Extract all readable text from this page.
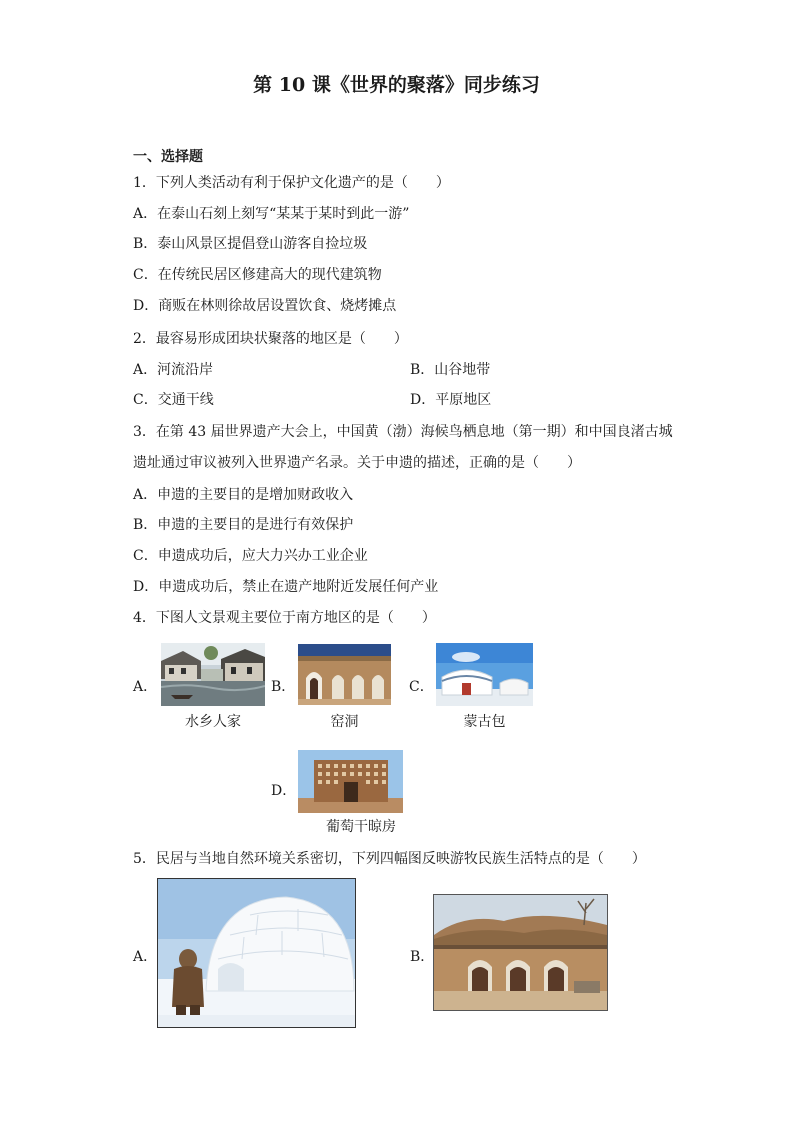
第 10 课《世界的聚落》同步练习
一、选择题
1．下列人类活动有利于保护文化遗产的是（　　）
A．在泰山石刻上刻写“某某于某时到此一游”
B．泰山风景区提倡登山游客自捡垃圾
C．在传统民居区修建高大的现代建筑物
D．商贩在林则徐故居设置饮食、烧烤摊点
2．最容易形成团块状聚落的地区是（　　）
A．河流沿岸	B．山谷地带
C．交通干线	D．平原地区
3．在第 43 届世界遗产大会上，中国黄（渤）海候鸟栖息地（第一期）和中国良渚古城
遗址通过审议被列入世界遗产名录。关于申遗的描述，正确的是（　　）
A．申遗的主要目的是增加财政收入
B．申遗的主要目的是进行有效保护
C．申遗成功后，应大力兴办工业企业
D．申遗成功后，禁止在遗产地附近发展任何产业
4．下图人文景观主要位于南方地区的是（　　）
A．
水乡人家
B．
窑洞
C．
蒙古包
D．
葡萄干晾房
5．民居与当地自然环境关系密切，下列四幅图反映游牧民族生活特点的是（　　）
A．	B．
